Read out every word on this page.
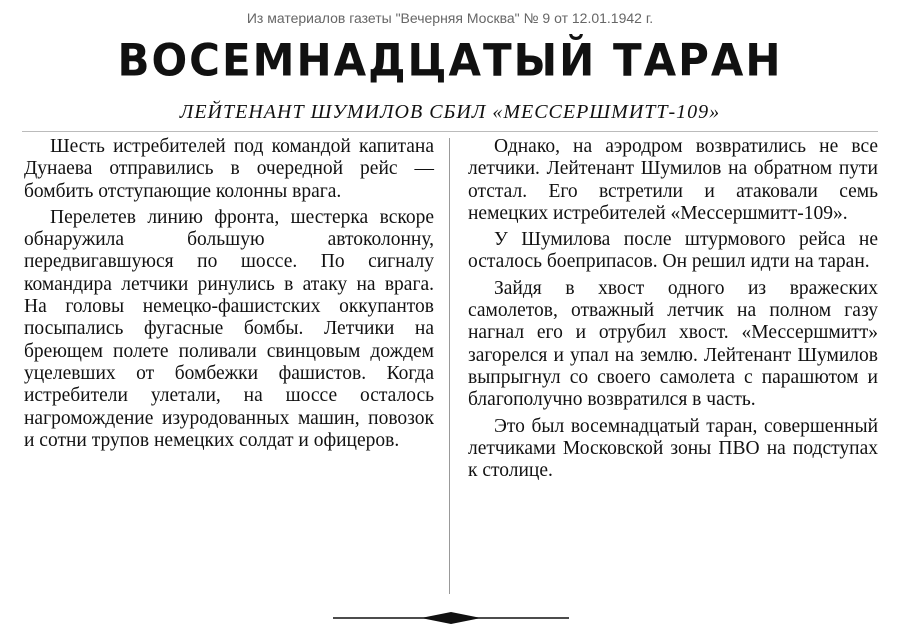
Из материалов газеты "Вечерняя Москва" № 9 от 12.01.1942 г.
ВОСЕМНАДЦАТЫЙ ТАРАН
ЛЕЙТЕНАНТ ШУМИЛОВ СБИЛ «МЕССЕРШМИТТ-109»

Шесть истребителей под командой капитана Дунаева отправились в очередной рейс — бомбить отступающие колонны врага.

Перелетев линию фронта, шестерка вскоре обнаружила большую автоколонну, передвигавшуюся по шоссе. По сигналу командира летчики ринулись в атаку на врага. На головы немецко-фашистских оккупантов посыпались фугасные бомбы. Летчики на бреющем полете поливали свинцовым дождем уцелевших от бомбежки фашистов. Когда истребители улетали, на шоссе осталось нагромождение изуродованных машин, повозок и сотни трупов немецких солдат и офицеров.

Однако, на аэродром возвратились не все летчики. Лейтенант Шумилов на обратном пути отстал. Его встретили и атаковали семь немецких истребителей «Мессершмитт-109».

У Шумилова после штурмового рейса не осталось боеприпасов. Он решил идти на таран.

Зайдя в хвост одного из вражеских самолетов, отважный летчик на полном газу нагнал его и отрубил хвост. «Мессершмитт» загорелся и упал на землю. Лейтенант Шумилов выпрыгнул со своего самолета с парашютом и благополучно возвратился в часть.

Это был восемнадцатый таран, совершенный летчиками Московской зоны ПВО на подступах к столице.
